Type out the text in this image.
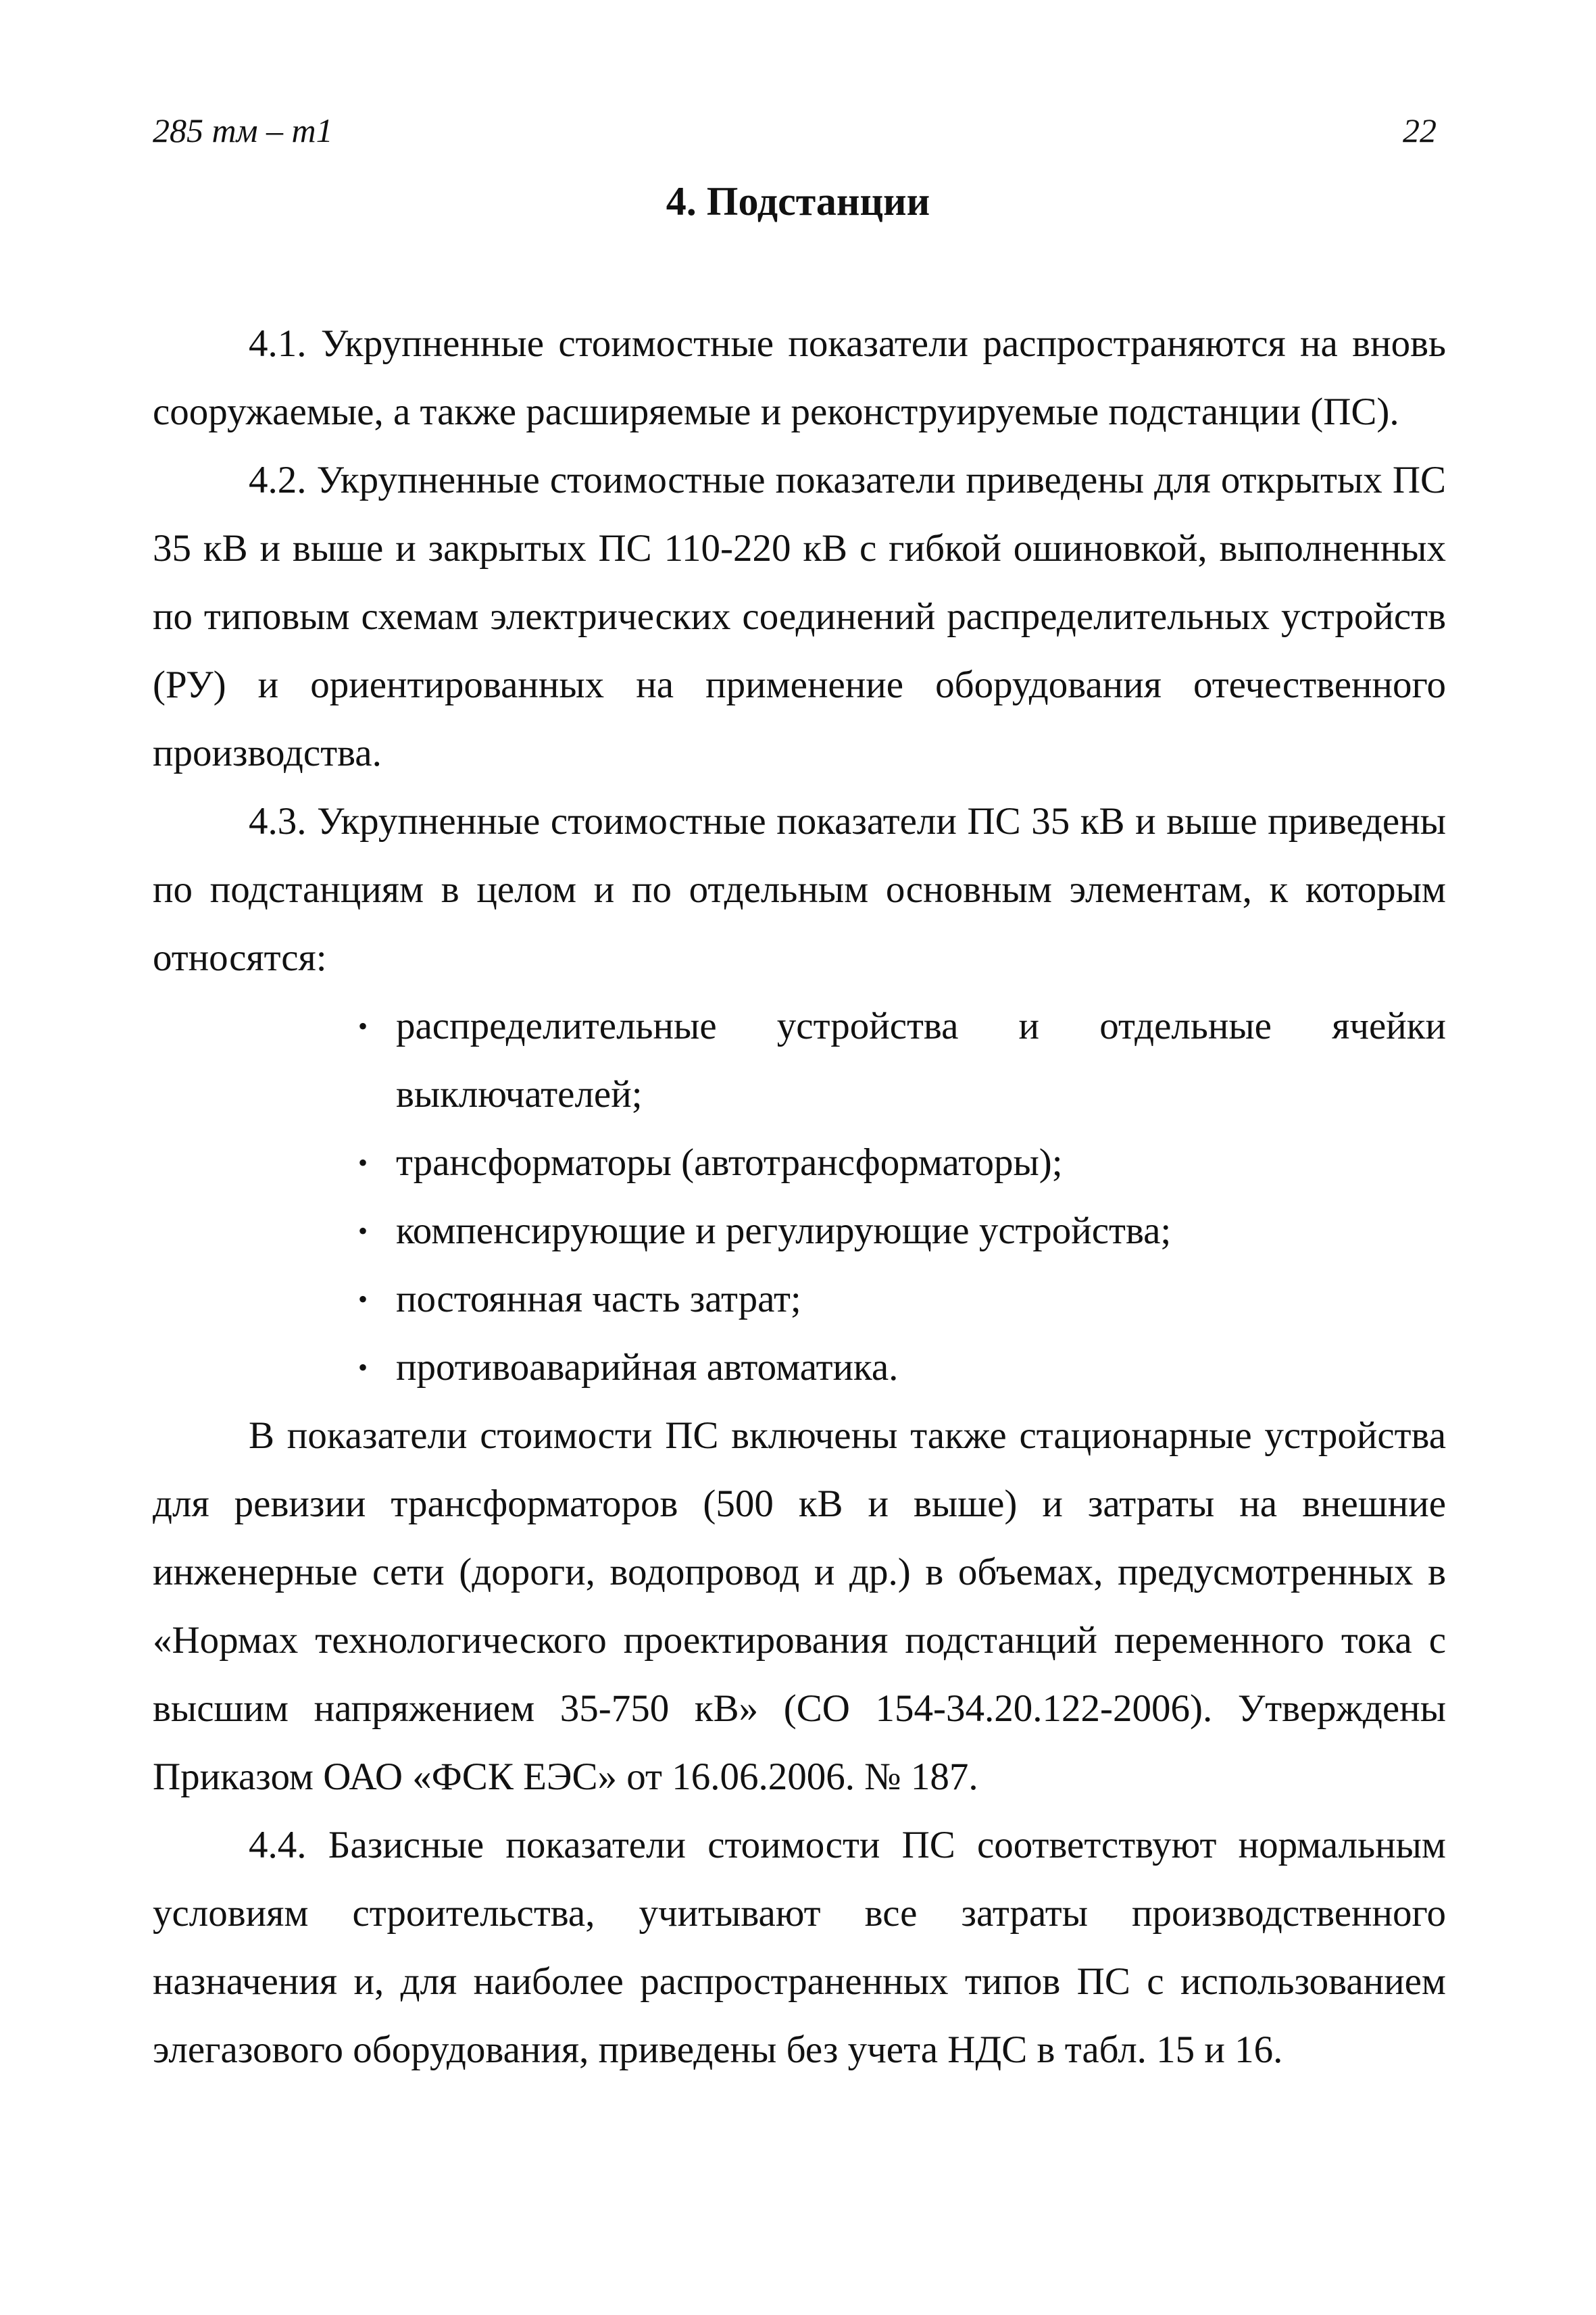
285 тм – т1	22
4. Подстанции

4.1. Укрупненные стоимостные показатели распространяются на вновь сооружаемые, а также расширяемые и реконструируемые подстанции (ПС).

4.2. Укрупненные стоимостные показатели приведены для открытых ПС 35 кВ и выше и закрытых ПС 110-220 кВ с гибкой ошиновкой, выполненных по типовым схемам электрических соединений распределительных устройств (РУ) и ориентированных на применение оборудования отечественного производства.

4.3. Укрупненные стоимостные показатели ПС 35 кВ и выше приведены по подстанциям в целом и по отдельным основным элементам, к которым относятся:

• распределительные устройства и отдельные ячейки выключателей;
• трансформаторы (автотрансформаторы);
• компенсирующие и регулирующие устройства;
• постоянная часть затрат;
• противоаварийная автоматика.

В показатели стоимости ПС включены также стационарные устройства для ревизии трансформаторов (500 кВ и выше) и затраты на внешние инженерные сети (дороги, водопровод и др.) в объемах, предусмотренных в «Нормах технологического проектирования подстанций переменного тока с высшим напряжением 35-750 кВ» (СО 154-34.20.122-2006). Утверждены Приказом ОАО «ФСК ЕЭС» от 16.06.2006. № 187.

4.4. Базисные показатели стоимости ПС соответствуют нормальным условиям строительства, учитывают все затраты производственного назначения и, для наиболее распространенных типов ПС с использованием элегазового оборудования, приведены без учета НДС в табл. 15 и 16.
